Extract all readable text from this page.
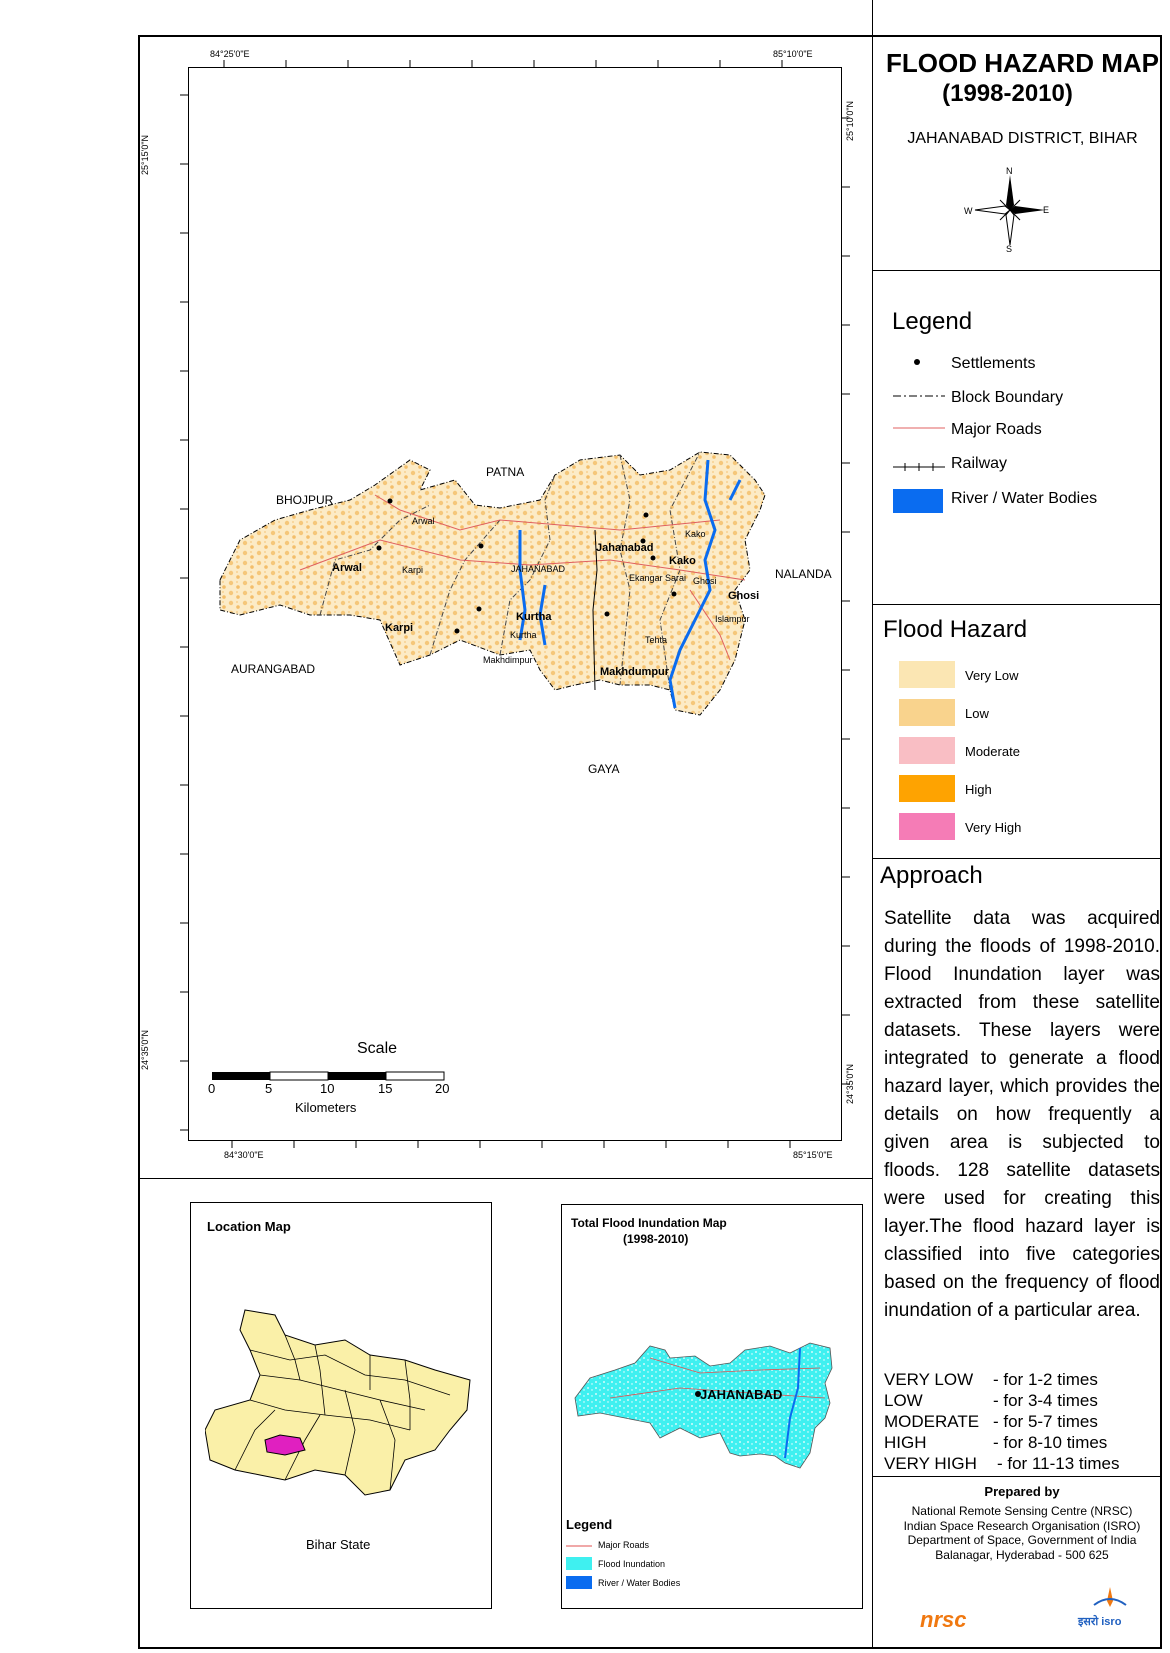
FLOOD HAZARD MAP
(1998-2010)
JAHANABAD DISTRICT, BIHAR
N
S
E
W
Legend
Settlements
Block Boundary
Major Roads
Railway
River / Water Bodies
Flood Hazard
Very Low
Low
Moderate
High
Very High
Approach
Satellite data was acquired during the floods of 1998-2010. Flood Inundation layer was extracted from these satellite datasets. These layers were integrated to generate a flood hazard layer, which provides the details on how frequently a given area is subjected to floods. 128 satellite datasets were used for creating this layer.The flood hazard layer is classified into five categories based on the frequency of flood inundation of a particular area.
VERY LOW - for 1-2 times
LOW	- for 3-4 times
MODERATE - for 5-7 times
HIGH	- for 8-10 times
VERY HIGH - for 11-13 times
Prepared by
National Remote Sensing Centre (NRSC)
Indian Space Research Organisation (ISRO)
Department of Space, Government of India
Balanagar, Hyderabad - 500 625
nrsc	इसरो isro
84°25'0"E	85°10'0"E
84°30'0"E	85°15'0"E
25°15'0"N
24°35'0"N
25°10'0"N
24°35'0"N
PATNA
BHOJPUR
NALANDA
AURANGABAD
GAYA
Arwal
Karpi
Jahanabad
Kako
Ghosi
Kurtha
Makhdumpur
Arwal
Karpi	JAHANABAD
Kako
Ghosi
Ekangar Sarai
Islampur
Tehta
Kurtha
Makhdimpur
Scale
0	5	10	15	20
Kilometers
Location Map
Bihar State
Total Flood Inundation Map
(1998-2010)
JAHANABAD
Legend
Major Roads
Flood Inundation
River / Water Bodies
